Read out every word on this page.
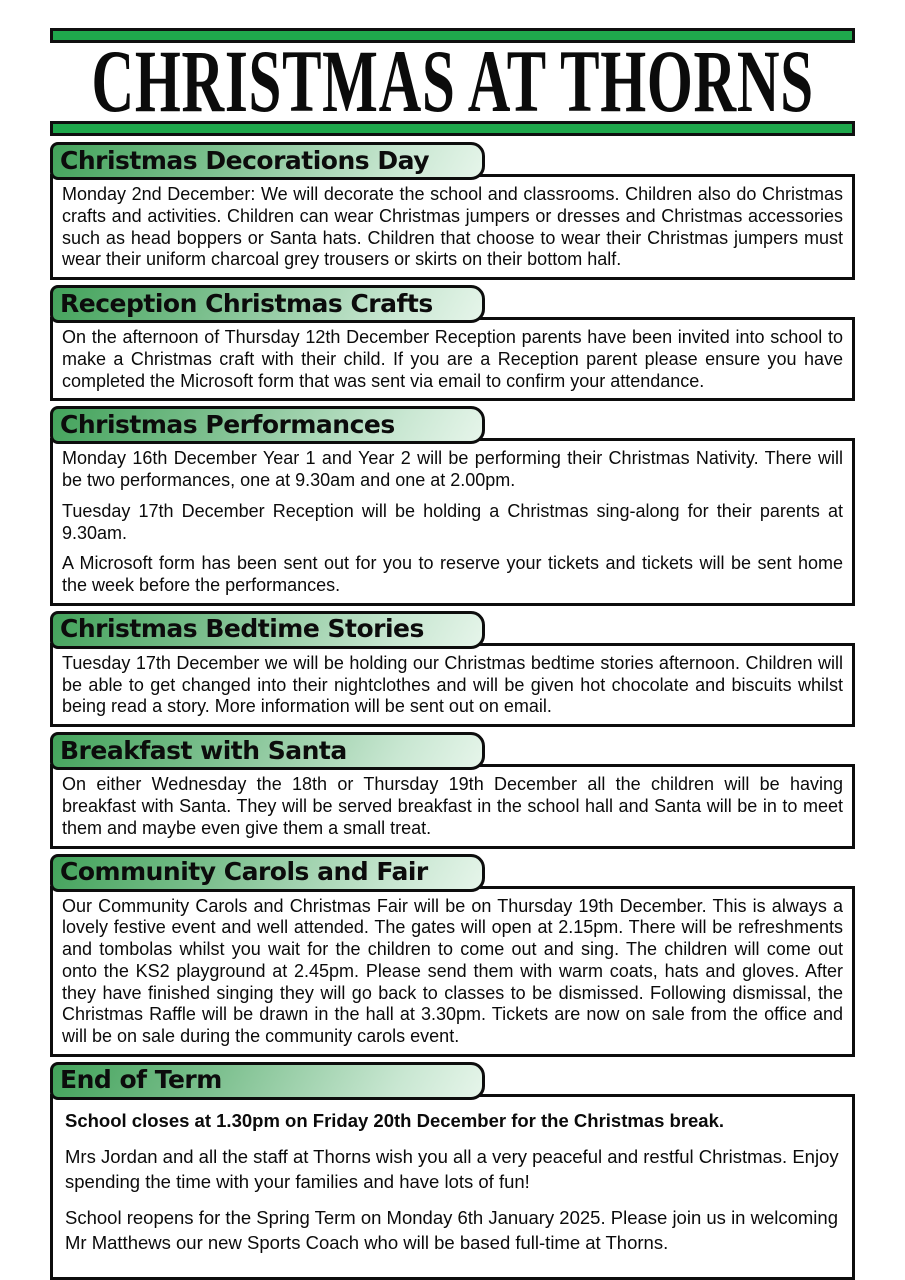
CHRISTMAS AT THORNS
Christmas Decorations Day

Monday 2nd December: We will decorate the school and classrooms. Children also do Christmas crafts and activities. Children can wear Christmas jumpers or dresses and Christmas accessories such as head boppers or Santa hats. Children that choose to wear their Christmas jumpers must wear their uniform charcoal grey trousers or skirts on their bottom half.

Reception Christmas Crafts

On the afternoon of Thursday 12th December Reception parents have been invited into school to make a Christmas craft with their child. If you are a Reception parent please ensure you have completed the Microsoft form that was sent via email to confirm your attendance.

Christmas Performances

Monday 16th December Year 1 and Year 2 will be performing their Christmas Nativity. There will be two performances, one at 9.30am and one at 2.00pm.

Tuesday 17th December Reception will be holding a Christmas sing-along for their parents at 9.30am.

A Microsoft form has been sent out for you to reserve your tickets and tickets will be sent home the week before the performances.

Christmas Bedtime Stories

Tuesday 17th December we will be holding our Christmas bedtime stories afternoon. Children will be able to get changed into their nightclothes and will be given hot chocolate and biscuits whilst being read a story. More information will be sent out on email.

Breakfast with Santa

On either Wednesday the 18th or Thursday 19th December all the children will be having breakfast with Santa. They will be served breakfast in the school hall and Santa will be in to meet them and maybe even give them a small treat.

Community Carols and Fair

Our Community Carols and Christmas Fair will be on Thursday 19th December. This is always a lovely festive event and well attended. The gates will open at 2.15pm. There will be refreshments and tombolas whilst you wait for the children to come out and sing. The children will come out onto the KS2 playground at 2.45pm. Please send them with warm coats, hats and gloves. After they have finished singing they will go back to classes to be dismissed. Following dismissal, the Christmas Raffle will be drawn in the hall at 3.30pm. Tickets are now on sale from the office and will be on sale during the community carols event.

End of Term

School closes at 1.30pm on Friday 20th December for the Christmas break.

Mrs Jordan and all the staff at Thorns wish you all a very peaceful and restful Christmas. Enjoy spending the time with your families and have lots of fun!

School reopens for the Spring Term on Monday 6th January 2025. Please join us in welcoming Mr Matthews our new Sports Coach who will be based full-time at Thorns.
